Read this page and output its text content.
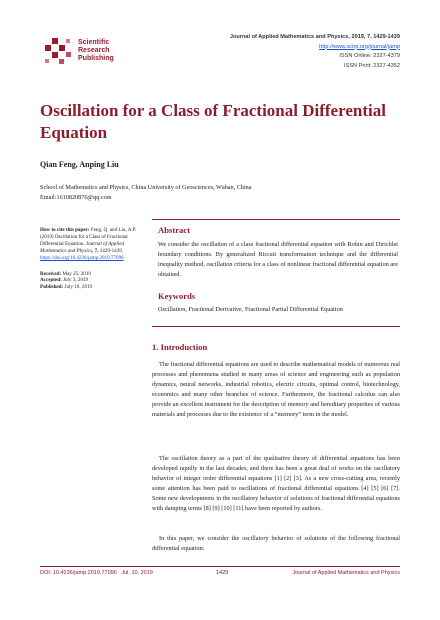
Scientific
Research
Publishing
Journal of Applied Mathematics and Physics, 2019, 7, 1429-1439
http://www.scirp.org/journal/jamp
ISSN Online: 2327-4379
ISSN Print: 2327-4352
Oscillation for a Class of Fractional Differential
Equation
Qian Feng, Anping Liu
School of Mathematics and Physics, China University of Geosciences, Wuhan, China
Email:1610820876@qq.com
How to cite this paper: Feng, Q. and Liu, A.P. (2019) Oscillation for a Class of Fractional Differential Equation. Journal of Applied Mathematics and Physics, 7, 1429-1439.
https://doi.org/10.4236/jamp.2019.77096
Received: May 25, 2019
Accepted: July 3, 2019
Published: July 10, 2019
Abstract
We consider the oscillation of a class fractional differential equation with Robin and Dirichlet boundary conditions. By generalized Riccati transformation technique and the differential inequality method, oscillation criteria for a class of nonlinear fractional differential equation are obtained.
Keywords
Oscillation, Fractional Derivative, Fractional Partial Differential Equation
1. Introduction
The fractional differential equations are used to describe mathematical models of numerous real processes and phenomena studied in many areas of science and engineering such as population dynamics, neural networks, industrial robotics, electric circuits, optimal control, biotechnology, economics and many other branches of science. Furthermore, the fractional calculus can also provide an excellent instrument for the description of memory and hereditary properties of various materials and processes due to the existence of a “memory” term in the model.
The oscillation theory as a part of the qualitative theory of differential equations has been developed rapidly in the last decades, and there has been a great deal of works on the oscillatory behavior of integer order differential equations [1] [2] [3]. As a new cross-cutting area, recently some attention has been paid to oscillations of fractional differential equations [4] [5] [6] [7]. Some new developments in the oscillatory behavior of solutions of fractional differential equations with damping terms [8] [9] [10] [11] have been reported by authors.
In this paper, we consider the oscillatory behavior of solutions of the following fractional differential equation:
DOI: 10.4236/jamp.2019.77096 Jul. 10, 2019	1429	Journal of Applied Mathematics and Physics
